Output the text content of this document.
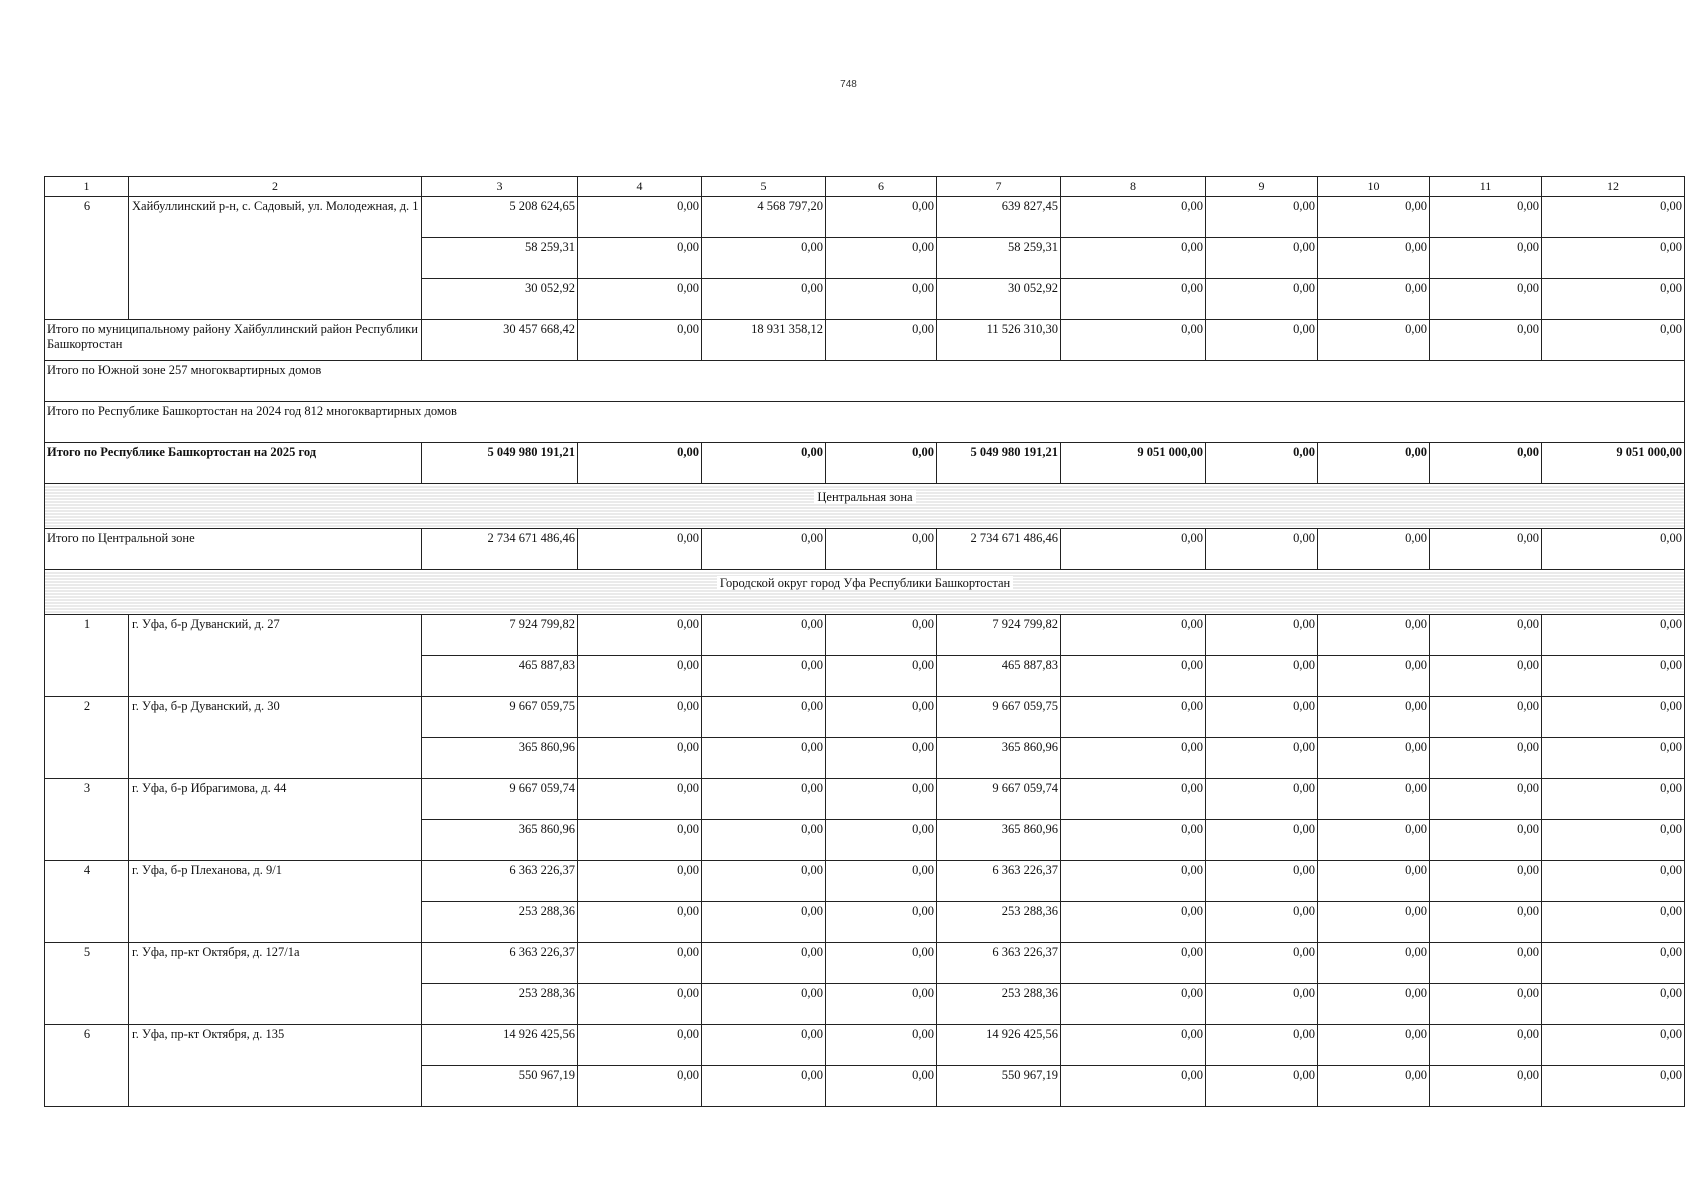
748
1	2	3	4	5	6	7	8	9	10	11	12
6	Хайбуллинский р-н, с. Садовый, ул. Молодежная, д. 1	5 208 624,65	0,00	4 568 797,20	0,00	639 827,45	0,00	0,00	0,00	0,00	0,00
		58 259,31	0,00	0,00	0,00	58 259,31	0,00	0,00	0,00	0,00	0,00
		30 052,92	0,00	0,00	0,00	30 052,92	0,00	0,00	0,00	0,00	0,00
Итого по муниципальному району Хайбуллинский район Республики Башкортостан		30 457 668,42	0,00	18 931 358,12	0,00	11 526 310,30	0,00	0,00	0,00	0,00	0,00
Итого по Южной зоне 257 многоквартирных домов											
Итого по Республике Башкортостан на 2024 год 812 многоквартирных домов											
Итого по Республике Башкортостан на 2025 год		5 049 980 191,21	0,00	0,00	0,00	5 049 980 191,21	9 051 000,00	0,00	0,00	0,00	9 051 000,00
Центральная зона											
Итого по Центральной зоне		2 734 671 486,46	0,00	0,00	0,00	2 734 671 486,46	0,00	0,00	0,00	0,00	0,00
Городской округ город Уфа Республики Башкортостан											
1	г. Уфа, б-р Дуванский, д. 27	7 924 799,82	0,00	0,00	0,00	7 924 799,82	0,00	0,00	0,00	0,00	0,00
		465 887,83	0,00	0,00	0,00	465 887,83	0,00	0,00	0,00	0,00	0,00
2	г. Уфа, б-р Дуванский, д. 30	9 667 059,75	0,00	0,00	0,00	9 667 059,75	0,00	0,00	0,00	0,00	0,00
		365 860,96	0,00	0,00	0,00	365 860,96	0,00	0,00	0,00	0,00	0,00
3	г. Уфа, б-р Ибрагимова, д. 44	9 667 059,74	0,00	0,00	0,00	9 667 059,74	0,00	0,00	0,00	0,00	0,00
		365 860,96	0,00	0,00	0,00	365 860,96	0,00	0,00	0,00	0,00	0,00
4	г. Уфа, б-р Плеханова, д. 9/1	6 363 226,37	0,00	0,00	0,00	6 363 226,37	0,00	0,00	0,00	0,00	0,00
		253 288,36	0,00	0,00	0,00	253 288,36	0,00	0,00	0,00	0,00	0,00
5	г. Уфа, пр-кт Октября, д. 127/1а	6 363 226,37	0,00	0,00	0,00	6 363 226,37	0,00	0,00	0,00	0,00	0,00
		253 288,36	0,00	0,00	0,00	253 288,36	0,00	0,00	0,00	0,00	0,00
6	г. Уфа, пр-кт Октября, д. 135	14 926 425,56	0,00	0,00	0,00	14 926 425,56	0,00	0,00	0,00	0,00	0,00
		550 967,19	0,00	0,00	0,00	550 967,19	0,00	0,00	0,00	0,00	0,00
